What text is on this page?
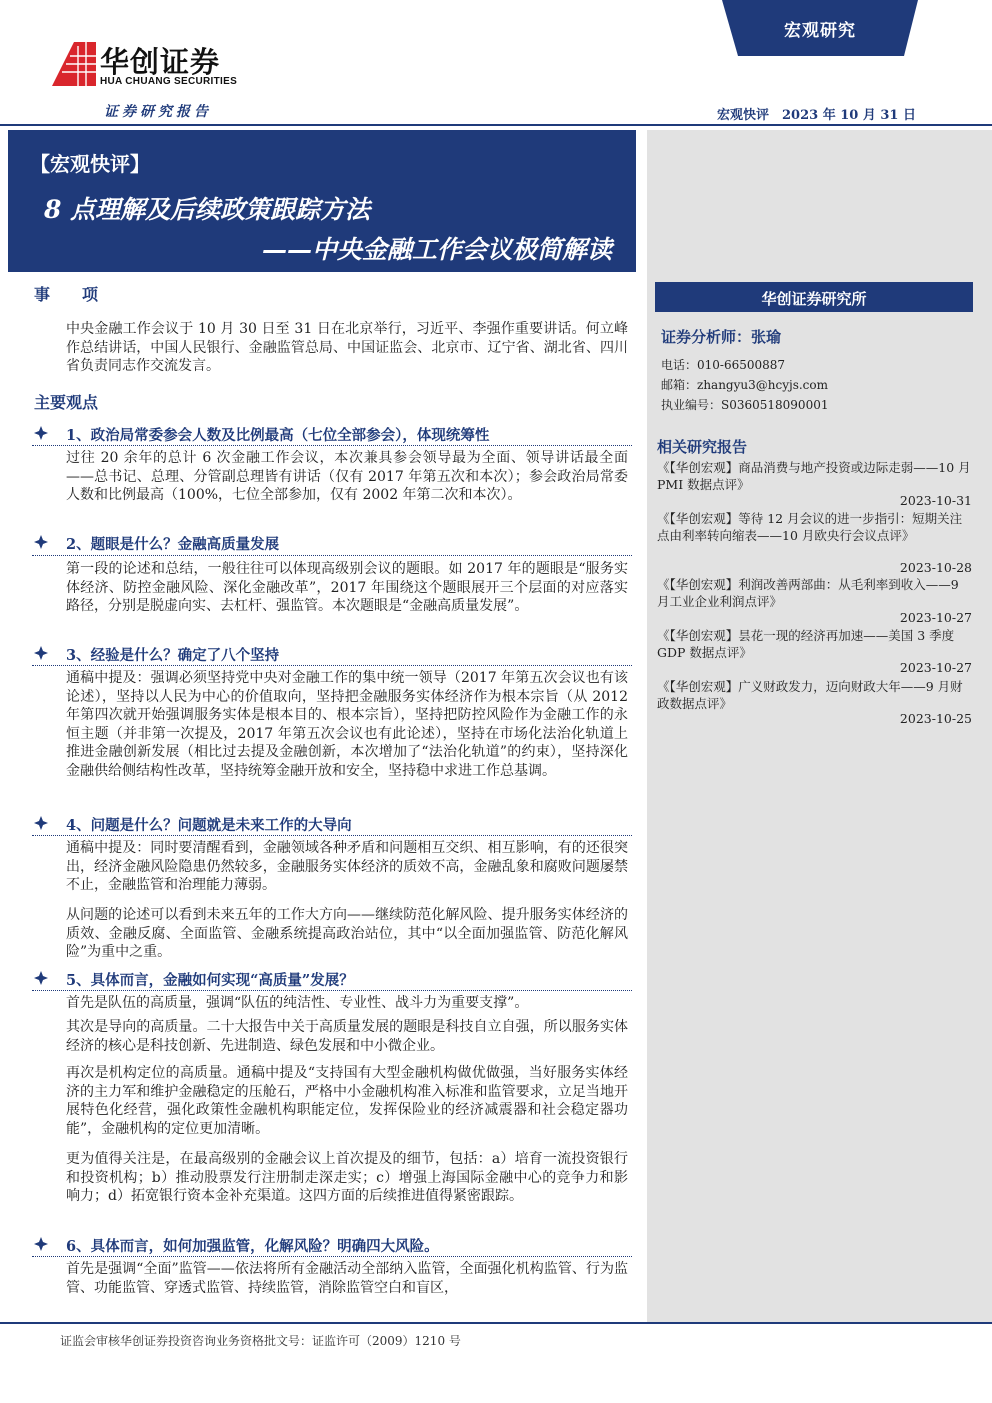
华创证券
HUA CHUANG SECURITIES
证券研究报告
宏观研究
宏观快评　2023 年 10 月 31 日
【宏观快评】
8 点理解及后续政策跟踪方法
——中央金融工作会议极简解读
华创证券研究所
证券分析师：张瑜
电话：010-66500887
邮箱：zhangyu3@hcyjs.com
执业编号：S0360518090001
相关研究报告
《【华创宏观】商品消费与地产投资或边际走弱——10 月 PMI 数据点评》
2023-10-31
《【华创宏观】等待 12 月会议的进一步指引：短期关注点由利率转向缩表——10 月欧央行会议点评》
2023-10-28
《【华创宏观】利润改善两部曲：从毛利率到收入——9 月工业企业利润点评》
2023-10-27
《【华创宏观】昙花一现的经济再加速——美国 3 季度 GDP 数据点评》
2023-10-27
《【华创宏观】广义财政发力，迈向财政大年——9 月财政数据点评》
2023-10-25
事　　项
中央金融工作会议于 10 月 30 日至 31 日在北京举行，习近平、李强作重要讲话。何立峰作总结讲话，中国人民银行、金融监管总局、中国证监会、北京市、辽宁省、湖北省、四川省负责同志作交流发言。
主要观点
1、政治局常委参会人数及比例最高（七位全部参会），体现统筹性
过往 20 余年的总计 6 次金融工作会议，本次兼具参会领导最为全面、领导讲话最全面——总书记、总理、分管副总理皆有讲话（仅有 2017 年第五次和本次）；参会政治局常委人数和比例最高（100%，七位全部参加，仅有 2002 年第二次和本次）。
2、题眼是什么？金融高质量发展
第一段的论述和总结，一般往往可以体现高级别会议的题眼。如 2017 年的题眼是“服务实体经济、防控金融风险、深化金融改革”，2017 年围绕这个题眼展开三个层面的对应落实路径，分别是脱虚向实、去杠杆、强监管。本次题眼是“金融高质量发展”。
3、经验是什么？确定了八个坚持
通稿中提及：强调必须坚持党中央对金融工作的集中统一领导（2017 年第五次会议也有该论述），坚持以人民为中心的价值取向，坚持把金融服务实体经济作为根本宗旨（从 2012 年第四次就开始强调服务实体是根本目的、根本宗旨），坚持把防控风险作为金融工作的永恒主题（并非第一次提及，2017 年第五次会议也有此论述），坚持在市场化法治化轨道上推进金融创新发展（相比过去提及金融创新，本次增加了“法治化轨道”的约束），坚持深化金融供给侧结构性改革，坚持统筹金融开放和安全，坚持稳中求进工作总基调。
4、问题是什么？问题就是未来工作的大导向
通稿中提及：同时要清醒看到，金融领域各种矛盾和问题相互交织、相互影响，有的还很突出，经济金融风险隐患仍然较多，金融服务实体经济的质效不高，金融乱象和腐败问题屡禁不止，金融监管和治理能力薄弱。
从问题的论述可以看到未来五年的工作大方向——继续防范化解风险、提升服务实体经济的质效、金融反腐、全面监管、金融系统提高政治站位，其中“以全面加强监管、防范化解风险”为重中之重。
5、具体而言，金融如何实现“高质量”发展？
首先是队伍的高质量，强调“队伍的纯洁性、专业性、战斗力为重要支撑”。
其次是导向的高质量。二十大报告中关于高质量发展的题眼是科技自立自强，所以服务实体经济的核心是科技创新、先进制造、绿色发展和中小微企业。
再次是机构定位的高质量。通稿中提及“支持国有大型金融机构做优做强，当好服务实体经济的主力军和维护金融稳定的压舱石，严格中小金融机构准入标准和监管要求，立足当地开展特色化经营，强化政策性金融机构职能定位，发挥保险业的经济减震器和社会稳定器功能”，金融机构的定位更加清晰。
更为值得关注是，在最高级别的金融会议上首次提及的细节，包括：a）培育一流投资银行和投资机构；b）推动股票发行注册制走深走实；c）增强上海国际金融中心的竞争力和影响力；d）拓宽银行资本金补充渠道。这四方面的后续推进值得紧密跟踪。
6、具体而言，如何加强监管，化解风险？明确四大风险。
首先是强调“全面”监管——依法将所有金融活动全部纳入监管，全面强化机构监管、行为监管、功能监管、穿透式监管、持续监管，消除监管空白和盲区，
证监会审核华创证券投资咨询业务资格批文号：证监许可（2009）1210 号
